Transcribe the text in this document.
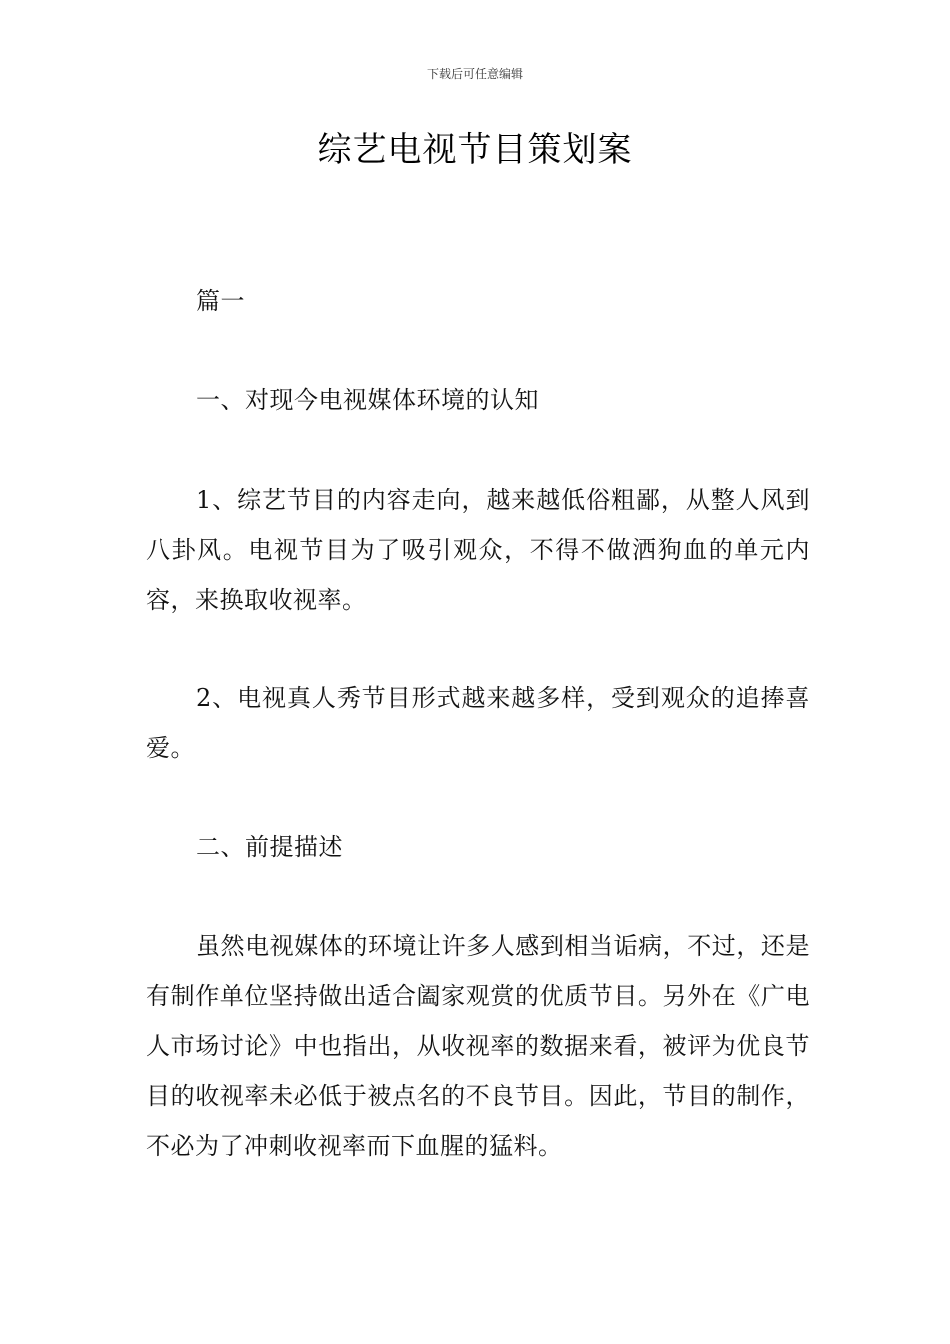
下载后可任意编辑
综艺电视节目策划案

篇一

一、对现今电视媒体环境的认知

1、综艺节目的内容走向，越来越低俗粗鄙，从整人风到八卦风。电视节目为了吸引观众，不得不做洒狗血的单元内容，来换取收视率。

2、电视真人秀节目形式越来越多样，受到观众的追捧喜爱。

二、前提描述

虽然电视媒体的环境让许多人感到相当诟病，不过，还是有制作单位坚持做出适合阖家观赏的优质节目。另外在《广电人市场讨论》中也指出，从收视率的数据来看，被评为优良节目的收视率未必低于被点名的不良节目。因此，节目的制作，不必为了冲刺收视率而下血腥的猛料。
